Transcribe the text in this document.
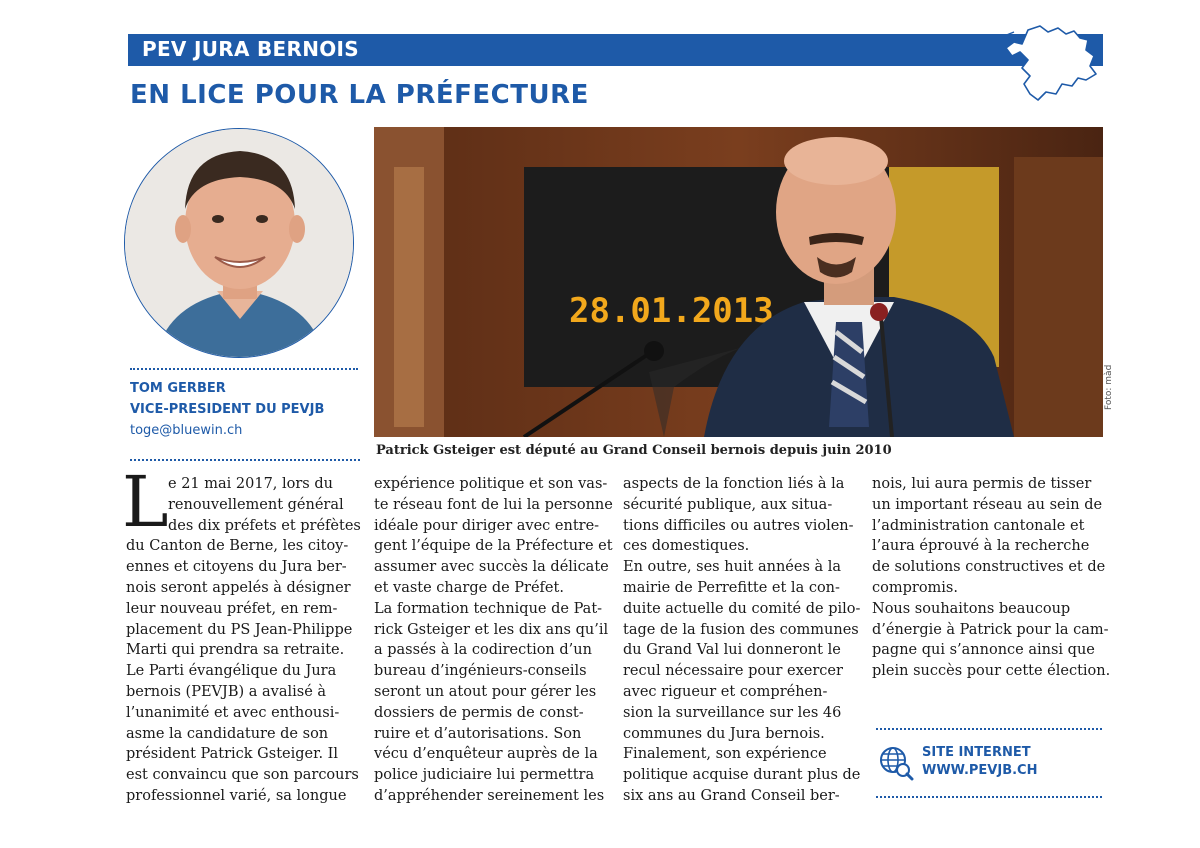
PEV JURA BERNOIS
EN LICE POUR LA PRÉFECTURE
TOM GERBER
VICE-PRESIDENT DU PEVJB
toge@bluewin.ch
28.01.2013
Foto: màd
Patrick Gsteiger est député au Grand Conseil bernois depuis juin 2010
L e 21 mai 2017, lors du
renouvellement général
des dix préfets et préfètes
du Canton de Berne, les citoy-
ennes et citoyens du Jura ber-
nois seront appelés à désigner
leur nouveau préfet, en rem-
placement du PS Jean-Philippe
Marti qui prendra sa retraite.
Le Parti évangélique du Jura
bernois (PEVJB) a avalisé à
l’unanimité et avec enthousi-
asme la candidature de son
président Patrick Gsteiger. Il
est convaincu que son parcours
professionnel varié, sa longue
expérience politique et son vas-
te réseau font de lui la personne
idéale pour diriger avec entre-
gent l’équipe de la Préfecture et
assumer avec succès la délicate
et vaste charge de Préfet.
La formation technique de Pat-
rick Gsteiger et les dix ans qu’il
a passés à la codirection d’un
bureau d’ingénieurs-conseils
seront un atout pour gérer les
dossiers de permis de const-
ruire et d’autorisations. Son
vécu d’enquêteur auprès de la
police judiciaire lui permettra
d’appréhender sereinement les
aspects de la fonction liés à la
sécurité publique, aux situa-
tions difficiles ou autres violen-
ces domestiques.
En outre, ses huit années à la
mairie de Perrefitte et la con-
duite actuelle du comité de pilo-
tage de la fusion des communes
du Grand Val lui donneront le
recul nécessaire pour exercer
avec rigueur et compréhen-
sion la surveillance sur les 46
communes du Jura bernois.
Finalement, son expérience
politique acquise durant plus de
six ans au Grand Conseil ber-
nois, lui aura permis de tisser
un important réseau au sein de
l’administration cantonale et
l’aura éprouvé à la recherche
de solutions constructives et de
compromis.
Nous souhaitons beaucoup
d’énergie à Patrick pour la cam-
pagne qui s’annonce ainsi que
plein succès pour cette élection.
SITE INTERNET
WWW.PEVJB.CH
